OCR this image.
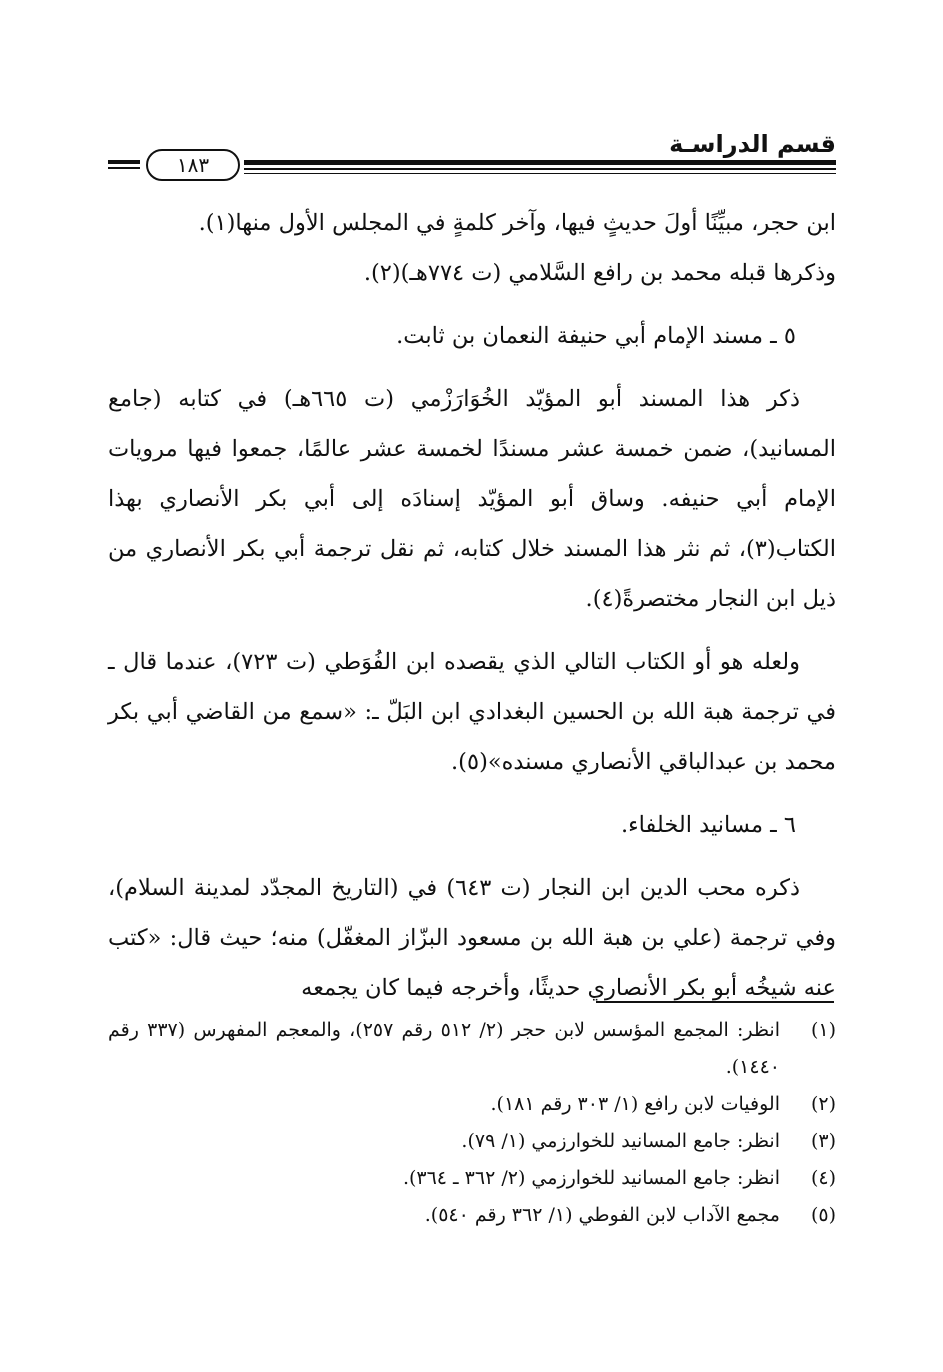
قسم الدراسـة
١٨٣

ابن حجر، مبيِّنًا أولَ حديثٍ فيها، وآخر كلمةٍ في المجلس الأول منها(١).

وذكرها قبله محمد بن رافع السَّلامي (ت ٧٧٤هـ)(٢).

٥ ـ مسند الإمام أبي حنيفة النعمان بن ثابت.

ذكر هذا المسند أبو المؤيّد الخُوَارَزْمي (ت ٦٦٥هـ) في كتابه (جامع المسانيد)، ضمن خمسة عشر مسندًا لخمسة عشر عالمًا، جمعوا فيها مرويات الإمام أبي حنيفه. وساق أبو المؤيّد إسنادَه إلى أبي بكر الأنصاري بهذا الكتاب(٣)، ثم نثر هذا المسند خلال كتابه، ثم نقل ترجمة أبي بكر الأنصاري من ذيل ابن النجار مختصرةً(٤).

ولعله هو أو الكتاب التالي الذي يقصده ابن الفُوَطي (ت ٧٢٣)، عندما قال ـ في ترجمة هبة الله بن الحسين البغدادي ابن البَلّ ـ: «سمع من القاضي أبي بكر محمد بن عبدالباقي الأنصاري مسنده»(٥).

٦ ـ مسانيد الخلفاء.

ذكره محب الدين ابن النجار (ت ٦٤٣) في (التاريخ المجدّد لمدينة السلام)، وفي ترجمة (علي بن هبة الله بن مسعود البزّاز المغفّل) منه؛ حيث قال: «كتب عنه شيخُه أبو بكر الأنصاري حديثًا، وأخرجه فيما كان يجمعه

(١)
انظر: المجمع المؤسس لابن حجر (٢/ ٥١٢ رقم ٢٥٧)، والمعجم المفهرس (٣٣٧ رقم ١٤٤٠).
(٢)
الوفيات لابن رافع (١/ ٣٠٣ رقم ١٨١).
(٣)
انظر: جامع المسانيد للخوارزمي (١/ ٧٩).
(٤)
انظر: جامع المسانيد للخوارزمي (٢/ ٣٦٢ ـ ٣٦٤).
(٥)
مجمع الآداب لابن الفوطي (١/ ٣٦٢ رقم ٥٤٠).
